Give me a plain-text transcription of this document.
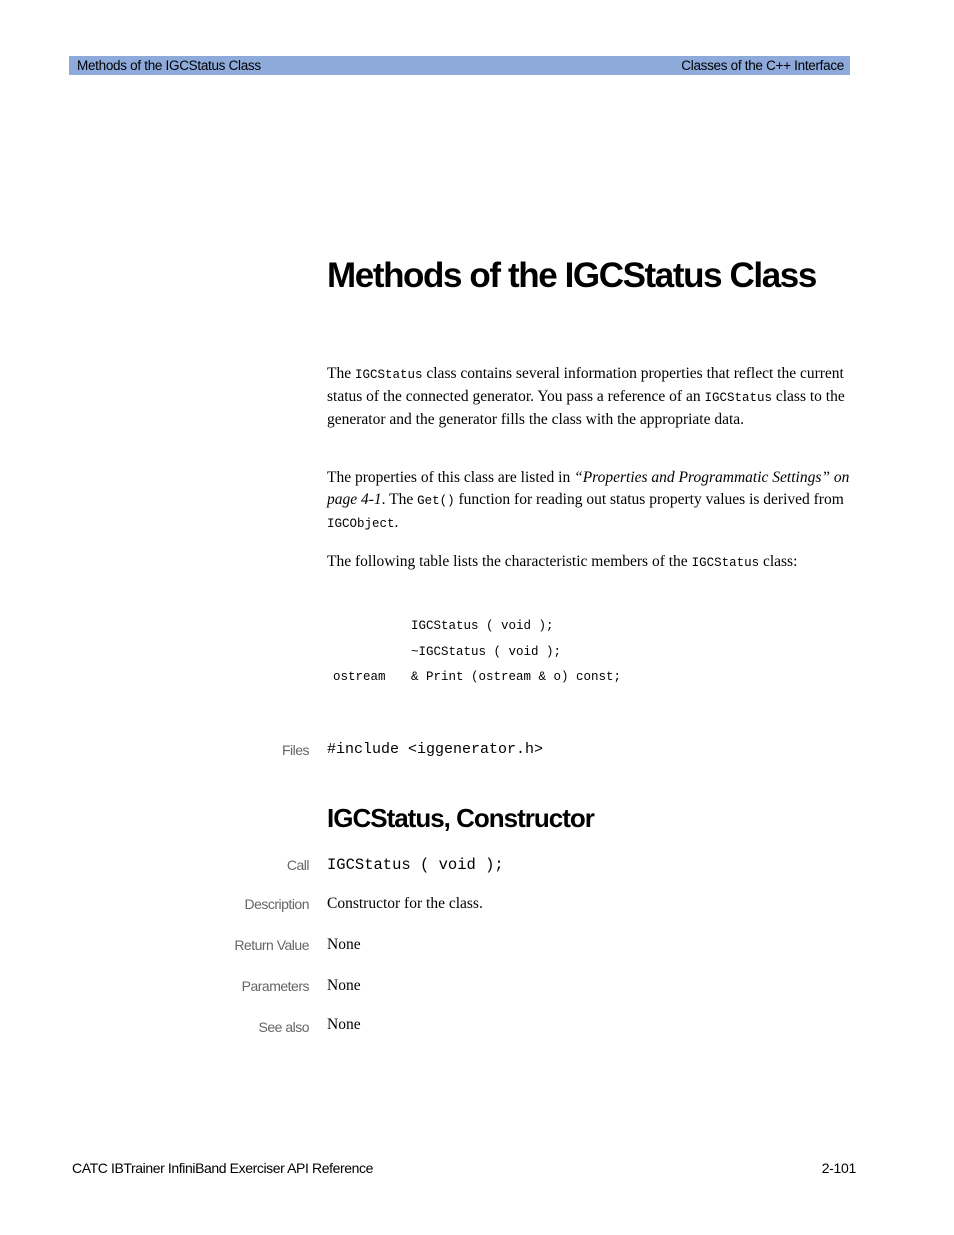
Methods of the IGCStatus Class	Classes of the C++ Interface
Methods of the IGCStatus Class

The IGCStatus class contains several information properties that reflect the current status of the connected generator. You pass a reference of an IGCStatus class to the generator and the generator fills the class with the appropriate data.

The properties of this class are listed in “Properties and Programmatic Settings” on page 4-1. The Get() function for reading out status property values is derived from IGCObject.

The following table lists the characteristic members of the IGCStatus class:

IGCStatus ( void );

~IGCStatus ( void );

ostream

& Print (ostream & o) const;

Files #include <iggenerator.h>
IGCStatus, Constructor
Call IGCStatus ( void );
Description Constructor for the class.
Return Value None
Parameters None
See also None
CATC IBTrainer InfiniBand Exerciser API Reference	2-101
